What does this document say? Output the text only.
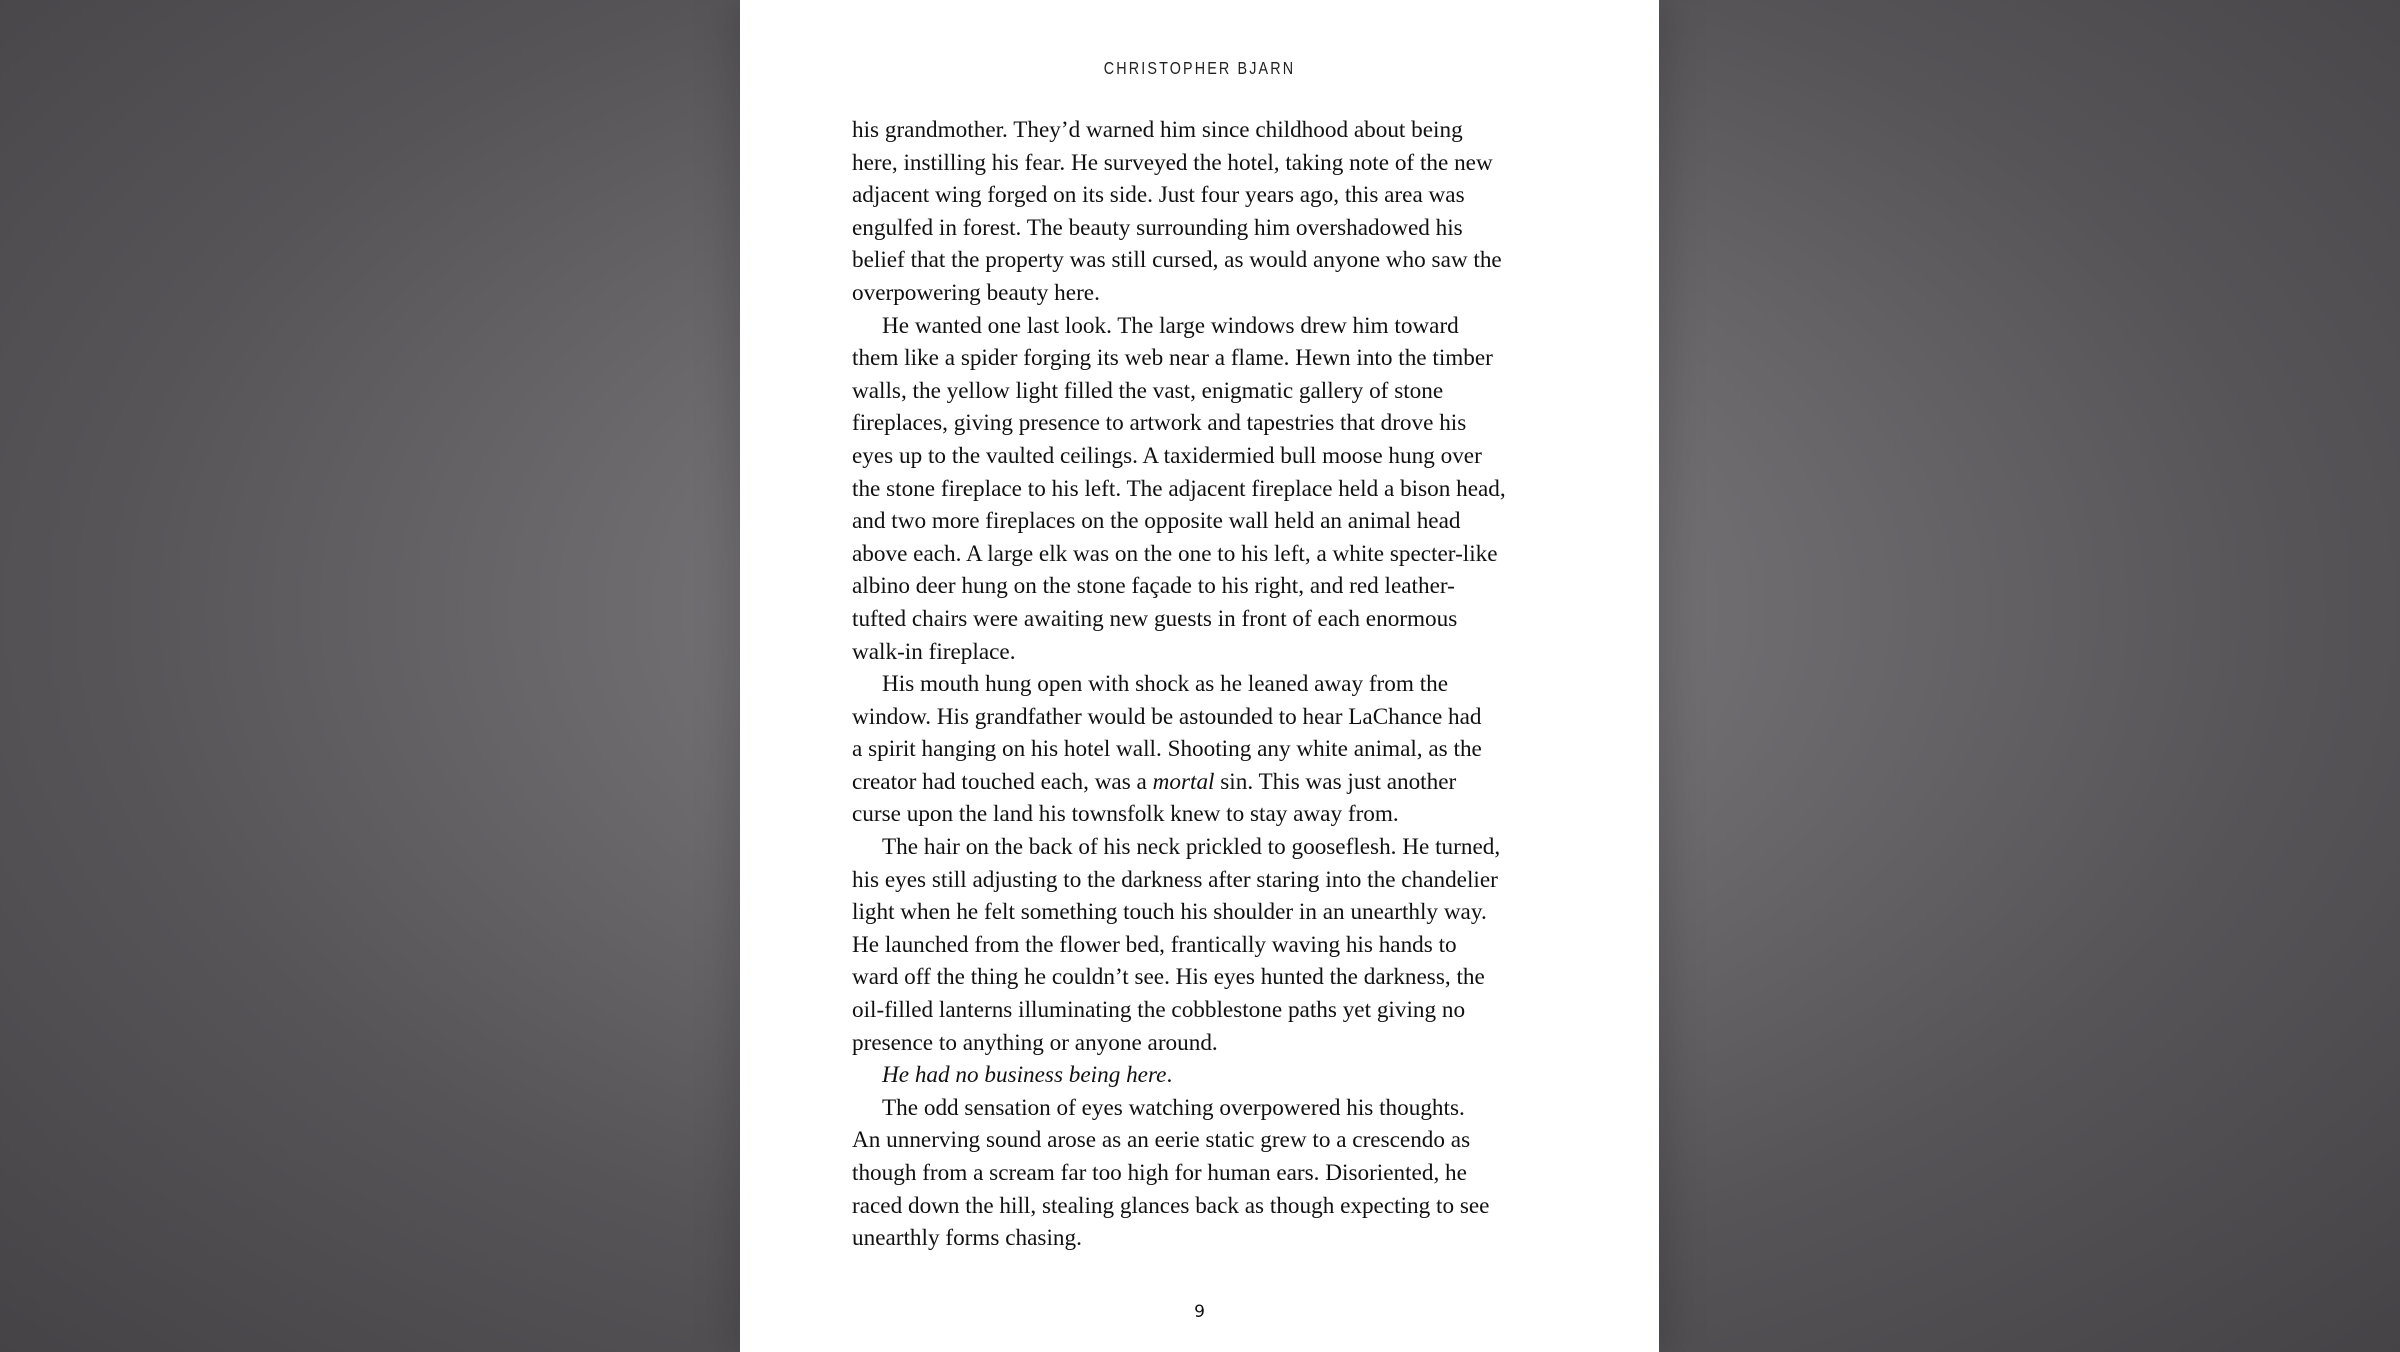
CHRISTOPHER BJARN
his grandmother. They’d warned him since childhood about being
here, instilling his fear. He surveyed the hotel, taking note of the new
adjacent wing forged on its side. Just four years ago, this area was
engulfed in forest. The beauty surrounding him overshadowed his
belief that the property was still cursed, as would anyone who saw the
overpowering beauty here.
He wanted one last look. The large windows drew him toward
them like a spider forging its web near a flame. Hewn into the timber
walls, the yellow light filled the vast, enigmatic gallery of stone
fireplaces, giving presence to artwork and tapestries that drove his
eyes up to the vaulted ceilings. A taxidermied bull moose hung over
the stone fireplace to his left. The adjacent fireplace held a bison head,
and two more fireplaces on the opposite wall held an animal head
above each. A large elk was on the one to his left, a white specter-like
albino deer hung on the stone façade to his right, and red leather-
tufted chairs were awaiting new guests in front of each enormous
walk-in fireplace.
His mouth hung open with shock as he leaned away from the
window. His grandfather would be astounded to hear LaChance had
a spirit hanging on his hotel wall. Shooting any white animal, as the
creator had touched each, was a mortal sin. This was just another
curse upon the land his townsfolk knew to stay away from.
The hair on the back of his neck prickled to gooseflesh. He turned,
his eyes still adjusting to the darkness after staring into the chandelier
light when he felt something touch his shoulder in an unearthly way.
He launched from the flower bed, frantically waving his hands to
ward off the thing he couldn’t see. His eyes hunted the darkness, the
oil-filled lanterns illuminating the cobblestone paths yet giving no
presence to anything or anyone around.
He had no business being here.
The odd sensation of eyes watching overpowered his thoughts.
An unnerving sound arose as an eerie static grew to a crescendo as
though from a scream far too high for human ears. Disoriented, he
raced down the hill, stealing glances back as though expecting to see
unearthly forms chasing.
9
